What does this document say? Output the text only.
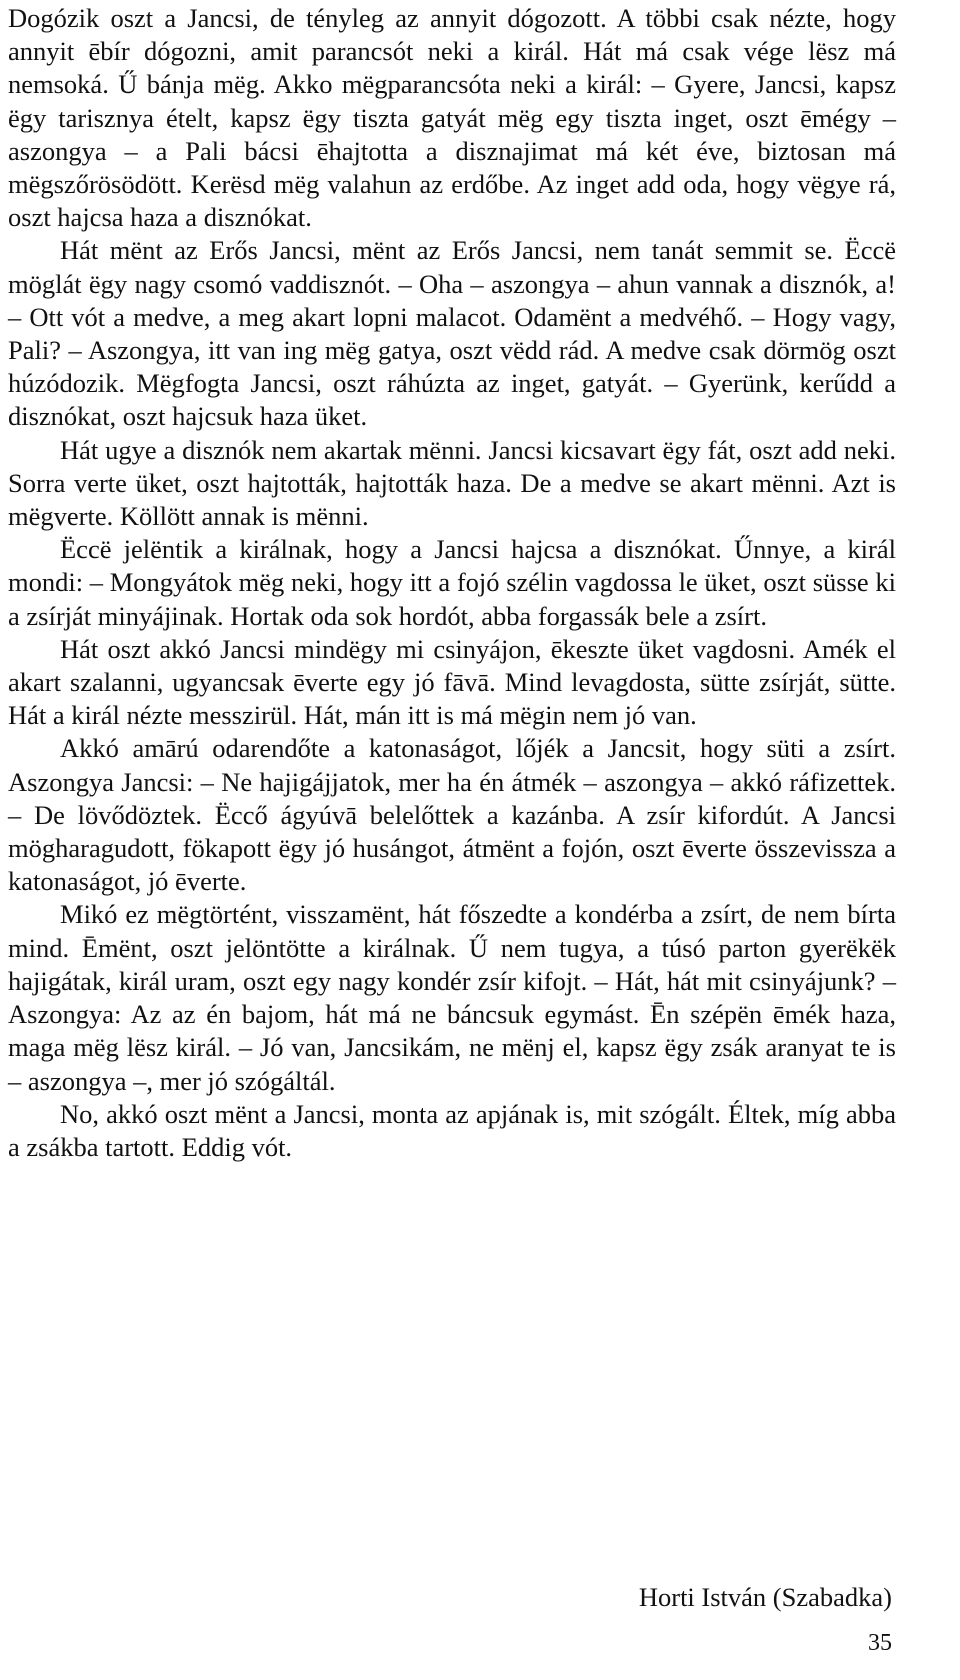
Dogózik oszt a Jancsi, de tényleg az annyit dógozott. A többi csak nézte, hogy annyit ēbír dógozni, amit parancsót neki a királ. Hát má csak vége lësz má nemsoká. Ű bánja mëg. Akko mëgparancsóta neki a királ: – Gyere, Jancsi, kapsz ëgy tarisznya ételt, kapsz ëgy tiszta gatyát mëg egy tiszta inget, oszt ēmégy – aszongya – a Pali bácsi ēhajtotta a disznajimat má két éve, biztosan má mëgszőrösödött. Kerësd mëg valahun az erdőbe. Az inget add oda, hogy vëgye rá, oszt hajcsa haza a disznókat.

Hát mënt az Erős Jancsi, mënt az Erős Jancsi, nem tanát semmit se. Ëccë möglát ëgy nagy csomó vaddisznót. – Oha – aszongya – ahun vannak a disznók, a! – Ott vót a medve, a meg akart lopni malacot. Odamënt a medvéhő. – Hogy vagy, Pali? – Aszongya, itt van ing mëg gatya, oszt vëdd rád. A medve csak dörmög oszt húzódozik. Mëgfogta Jancsi, oszt ráhúzta az inget, gatyát. – Gyerünk, kerűdd a disznókat, oszt hajcsuk haza üket.

Hát ugye a disznók nem akartak mënni. Jancsi kicsavart ëgy fát, oszt add neki. Sorra verte üket, oszt hajtották, hajtották haza. De a medve se akart mënni. Azt is mëgverte. Köllött annak is mënni.

Ëccë jelëntik a királnak, hogy a Jancsi hajcsa a disznókat. Űnnye, a királ mondi: – Mongyátok mëg neki, hogy itt a fojó szélin vagdossa le üket, oszt süsse ki a zsírját minyájinak. Hortak oda sok hordót, abba forgassák bele a zsírt.

Hát oszt akkó Jancsi mindëgy mi csinyájon, ēkeszte üket vagdosni. Amék el akart szalanni, ugyancsak ēverte egy jó fāvā. Mind levagdosta, sütte zsírját, sütte. Hát a királ nézte messzirül. Hát, mán itt is má mëgin nem jó van.

Akkó amārú odarendőte a katonaságot, lőjék a Jancsit, hogy süti a zsírt. Aszongya Jancsi: – Ne hajigájjatok, mer ha én átmék – aszongya – akkó ráfizettek. – De lövődöztek. Ëccő ágyúvā belelőttek a kazánba. A zsír kifordút. A Jancsi mögharagudott, fökapott ëgy jó husángot, átmënt a fojón, oszt ēverte összevissza a katonaságot, jó ēverte.

Mikó ez mëgtörtént, visszamënt, hát főszedte a kondérba a zsírt, de nem bírta mind. Ēmënt, oszt jelöntötte a királnak. Ű nem tugya, a túsó parton gyerëkëk hajigátak, királ uram, oszt egy nagy kondér zsír kifojt. – Hát, hát mit csinyájunk? – Aszongya: Az az én bajom, hát má ne báncsuk egymást. Ēn szépën ēmék haza, maga mëg lësz királ. – Jó van, Jancsikám, ne mënj el, kapsz ëgy zsák aranyat te is – aszongya –, mer jó szógáltál.

No, akkó oszt mënt a Jancsi, monta az apjának is, mit szógált. Éltek, míg abba a zsákba tartott. Eddig vót.

Horti István (Szabadka)
35
